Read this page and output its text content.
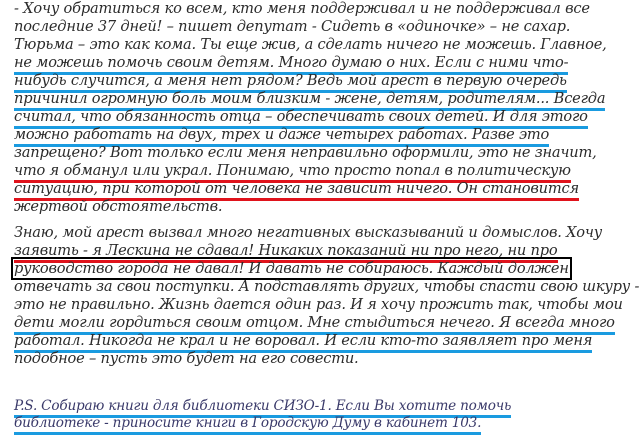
- Хочу обратиться ко всем, кто меня поддерживал и не поддерживал все
последние 37 дней! – пишет депутат - Сидеть в «одиночке» – не сахар.
Тюрьма – это как кома. Ты еще жив, а сделать ничего не можешь. Главное,
не можешь помочь своим детям. Много думаю о них. Если с ними что-
нибудь случится, а меня нет рядом? Ведь мой арест в первую очередь
причинил огромную боль моим близким - жене, детям, родителям... Всегда
считал, что обязанность отца – обеспечивать своих детей. И для этого
можно работать на двух, трех и даже четырех работах. Разве это
запрещено? Вот только если меня неправильно оформили, это не значит,
что я обманул или украл. Понимаю, что просто попал в политическую
ситуацию, при которой от человека не зависит ничего. Он становится
жертвой обстоятельств.
Знаю, мой арест вызвал много негативных высказываний и домыслов. Хочу
заявить - я Лескина не сдавал! Никаких показаний ни про него, ни про
руководство города не давал! И давать не собираюсь. Каждый должен
отвечать за свои поступки. А подставлять других, чтобы спасти свою шкуру -
это не правильно. Жизнь дается один раз. И я хочу прожить так, чтобы мои
дети могли гордиться своим отцом. Мне стыдиться нечего. Я всегда много
работал. Никогда не крал и не воровал. И если кто-то заявляет про меня
подобное – пусть это будет на его совести.
P.S. Собираю книги для библиотеки СИЗО-1. Если Вы хотите помочь
библиотеке - приносите книги в Городскую Думу в кабинет 103.
